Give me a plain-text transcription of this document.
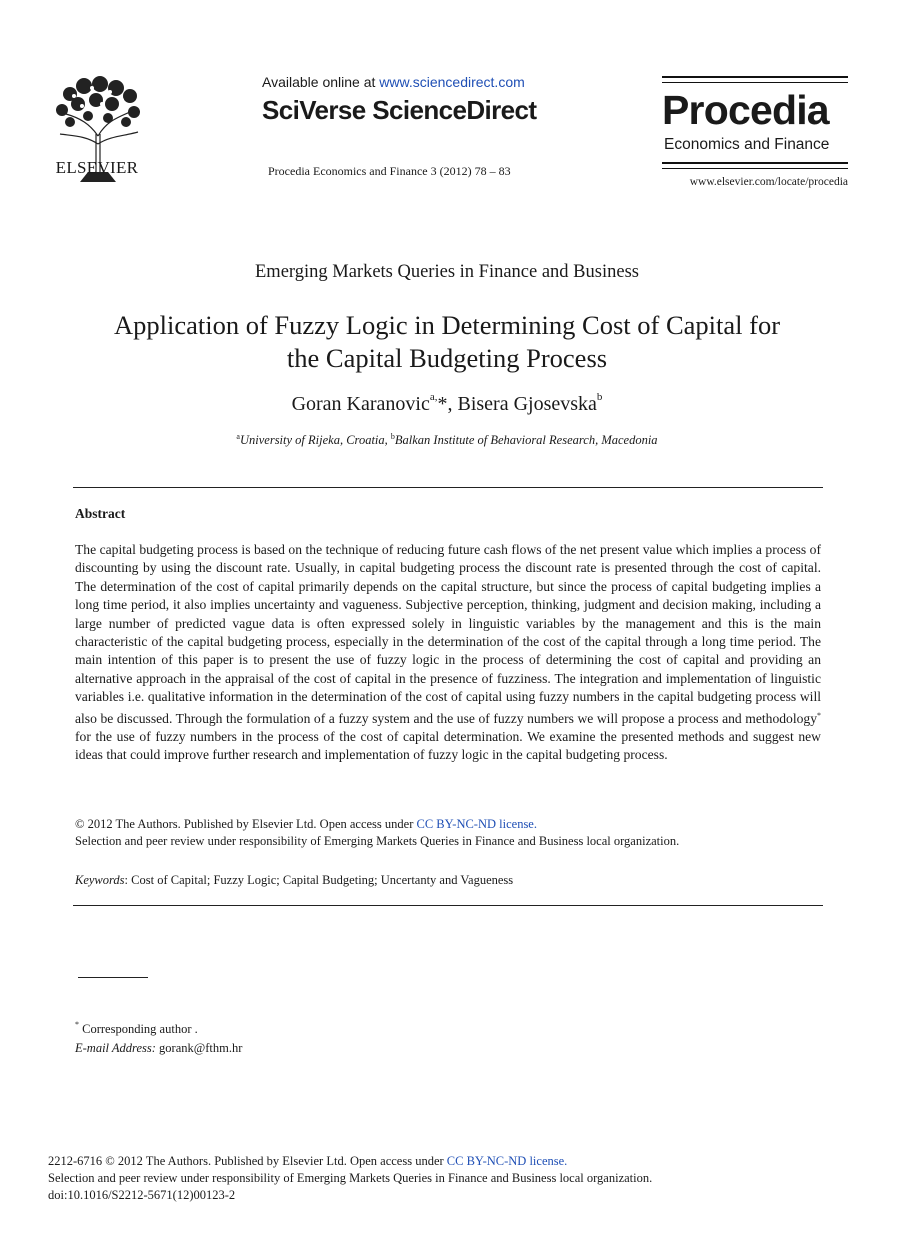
ELSEVIER
Available online at www.sciencedirect.com
SciVerse ScienceDirect
Procedia Economics and Finance 3 (2012) 78 – 83
Procedia
Economics and Finance
www.elsevier.com/locate/procedia
Emerging Markets Queries in Finance and Business
Application of Fuzzy Logic in Determining Cost of Capital for
the Capital Budgeting Process
Goran Karanovic$^{a,}$*, Bisera Gjosevska$^b$
$^a$University of Rijeka, Croatia, $^b$Balkan Institute of Behavioral Research, Macedonia
Abstract
The capital budgeting process is based on the technique of reducing future cash flows of the net present value which implies a process of discounting by using the discount rate. Usually, in capital budgeting process the discount rate is presented through the cost of capital. The determination of the cost of capital primarily depends on the capital structure, but since the process of capital budgeting implies a long time period, it also implies uncertainty and vagueness. Subjective perception, thinking, judgment and decision making, including a large number of predicted vague data is often expressed solely in linguistic variables by the management and this is the main characteristic of the capital budgeting process, especially in the determination of the cost of the capital through a long time period. The main intention of this paper is to present the use of fuzzy logic in the process of determining the cost of capital and providing an alternative approach in the appraisal of the cost of capital in the presence of fuzziness. The integration and implementation of linguistic variables i.e. qualitative information in the determination of the cost of capital using fuzzy numbers in the capital budgeting process will also be discussed. Through the formulation of a fuzzy system and the use of fuzzy numbers we will propose a process and methodology* for the use of fuzzy numbers in the process of the cost of capital determination. We examine the presented methods and suggest new ideas that could improve further research and implementation of fuzzy logic in the capital budgeting process.
© 2012 The Authors. Published by Elsevier Ltd. Open access under CC BY-NC-ND license.
Selection and peer review under responsibility of Emerging Markets Queries in Finance and Business local organization.
Keywords: Cost of Capital; Fuzzy Logic; Capital Budgeting; Uncertanty and Vagueness
* Corresponding author .
E-mail Address: gorank@fthm.hr
2212-6716 © 2012 The Authors. Published by Elsevier Ltd. Open access under CC BY-NC-ND license.
Selection and peer review under responsibility of Emerging Markets Queries in Finance and Business local organization.
doi:10.1016/S2212-5671(12)00123-2
